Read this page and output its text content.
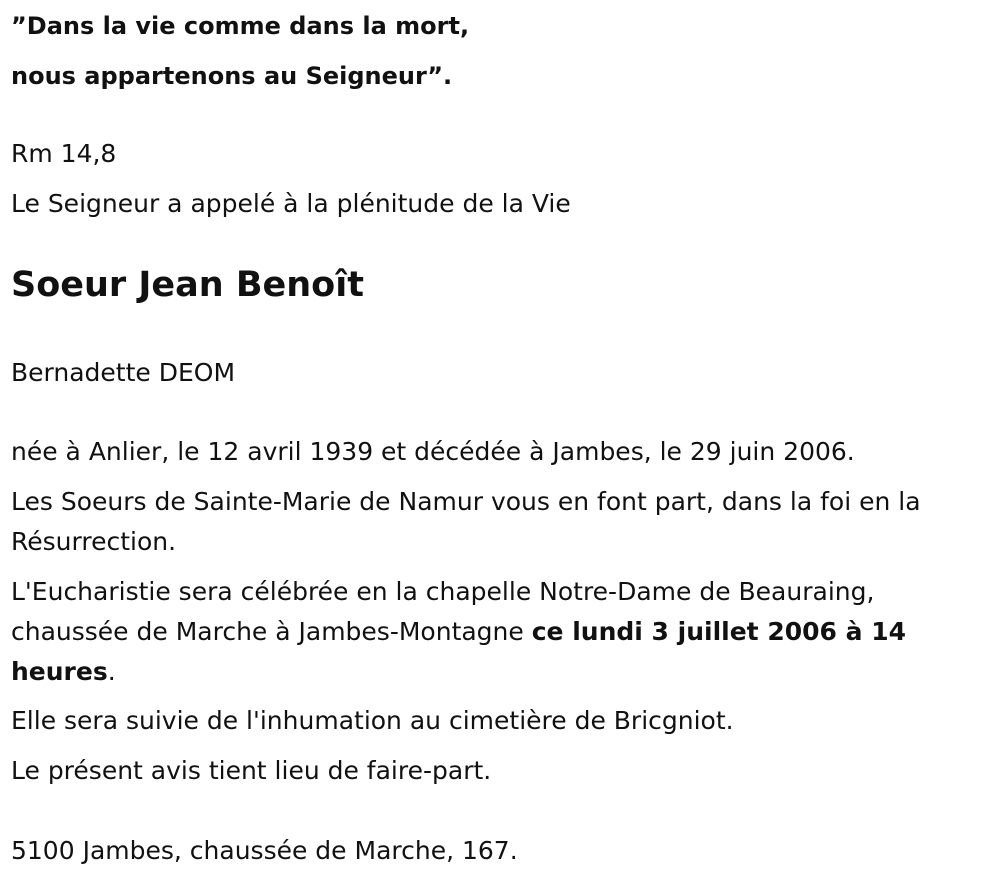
”Dans la vie comme dans la mort,
nous appartenons au Seigneur”.
Rm 14,8
Le Seigneur a appelé à la plénitude de la Vie
Soeur Jean Benoît
Bernadette DEOM
née à Anlier, le 12 avril 1939 et décédée à Jambes, le 29 juin 2006.
Les Soeurs de Sainte-Marie de Namur vous en font part, dans la foi en la Résurrection.
L'Eucharistie sera célébrée en la chapelle Notre-Dame de Beauraing, chaussée de Marche à Jambes-Montagne ce lundi 3 juillet 2006 à 14 heures.
Elle sera suivie de l'inhumation au cimetière de Bricgniot.
Le présent avis tient lieu de faire-part.
5100 Jambes, chaussée de Marche, 167.
